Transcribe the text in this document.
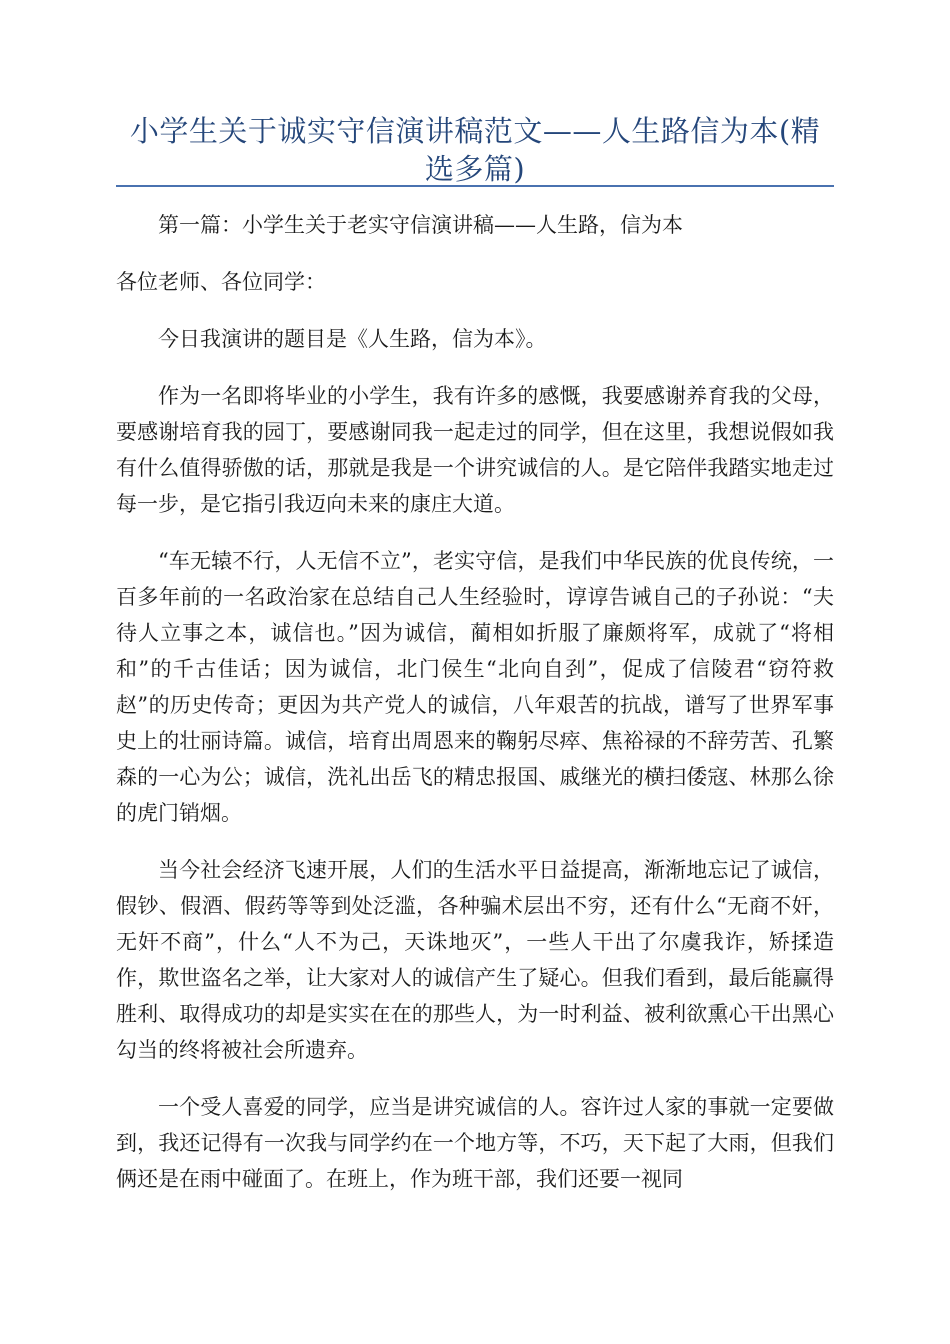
小学生关于诚实守信演讲稿范文——人生路信为本(精选多篇)

第一篇：小学生关于老实守信演讲稿——人生路，信为本

各位老师、各位同学：

今日我演讲的题目是《人生路，信为本》。

作为一名即将毕业的小学生，我有许多的感慨，我要感谢养育我的父母，要感谢培育我的园丁，要感谢同我一起走过的同学，但在这里，我想说假如我有什么值得骄傲的话，那就是我是一个讲究诚信的人。是它陪伴我踏实地走过每一步，是它指引我迈向未来的康庄大道。

“车无辕不行，人无信不立”，老实守信，是我们中华民族的优良传统，一百多年前的一名政治家在总结自己人生经验时，谆谆告诫自己的子孙说：“夫待人立事之本，诚信也。”因为诚信，蔺相如折服了廉颇将军，成就了“将相和”的千古佳话；因为诚信，北门侯生“北向自刭”，促成了信陵君“窃符救赵”的历史传奇；更因为共产党人的诚信，八年艰苦的抗战，谱写了世界军事史上的壮丽诗篇。诚信，培育出周恩来的鞠躬尽瘁、焦裕禄的不辞劳苦、孔繁森的一心为公；诚信，洗礼出岳飞的精忠报国、戚继光的横扫倭寇、林那么徐的虎门销烟。

当今社会经济飞速开展，人们的生活水平日益提高，渐渐地忘记了诚信，假钞、假酒、假药等等到处泛滥，各种骗术层出不穷，还有什么“无商不奸，无奸不商”，什么“人不为己，天诛地灭”，一些人干出了尔虞我诈，矫揉造作，欺世盗名之举，让大家对人的诚信产生了疑心。但我们看到，最后能赢得胜利、取得成功的却是实实在在的那些人，为一时利益、被利欲熏心干出黑心勾当的终将被社会所遗弃。

一个受人喜爱的同学，应当是讲究诚信的人。容许过人家的事就一定要做到，我还记得有一次我与同学约在一个地方等，不巧，天下起了大雨，但我们俩还是在雨中碰面了。在班上，作为班干部，我们还要一视同
